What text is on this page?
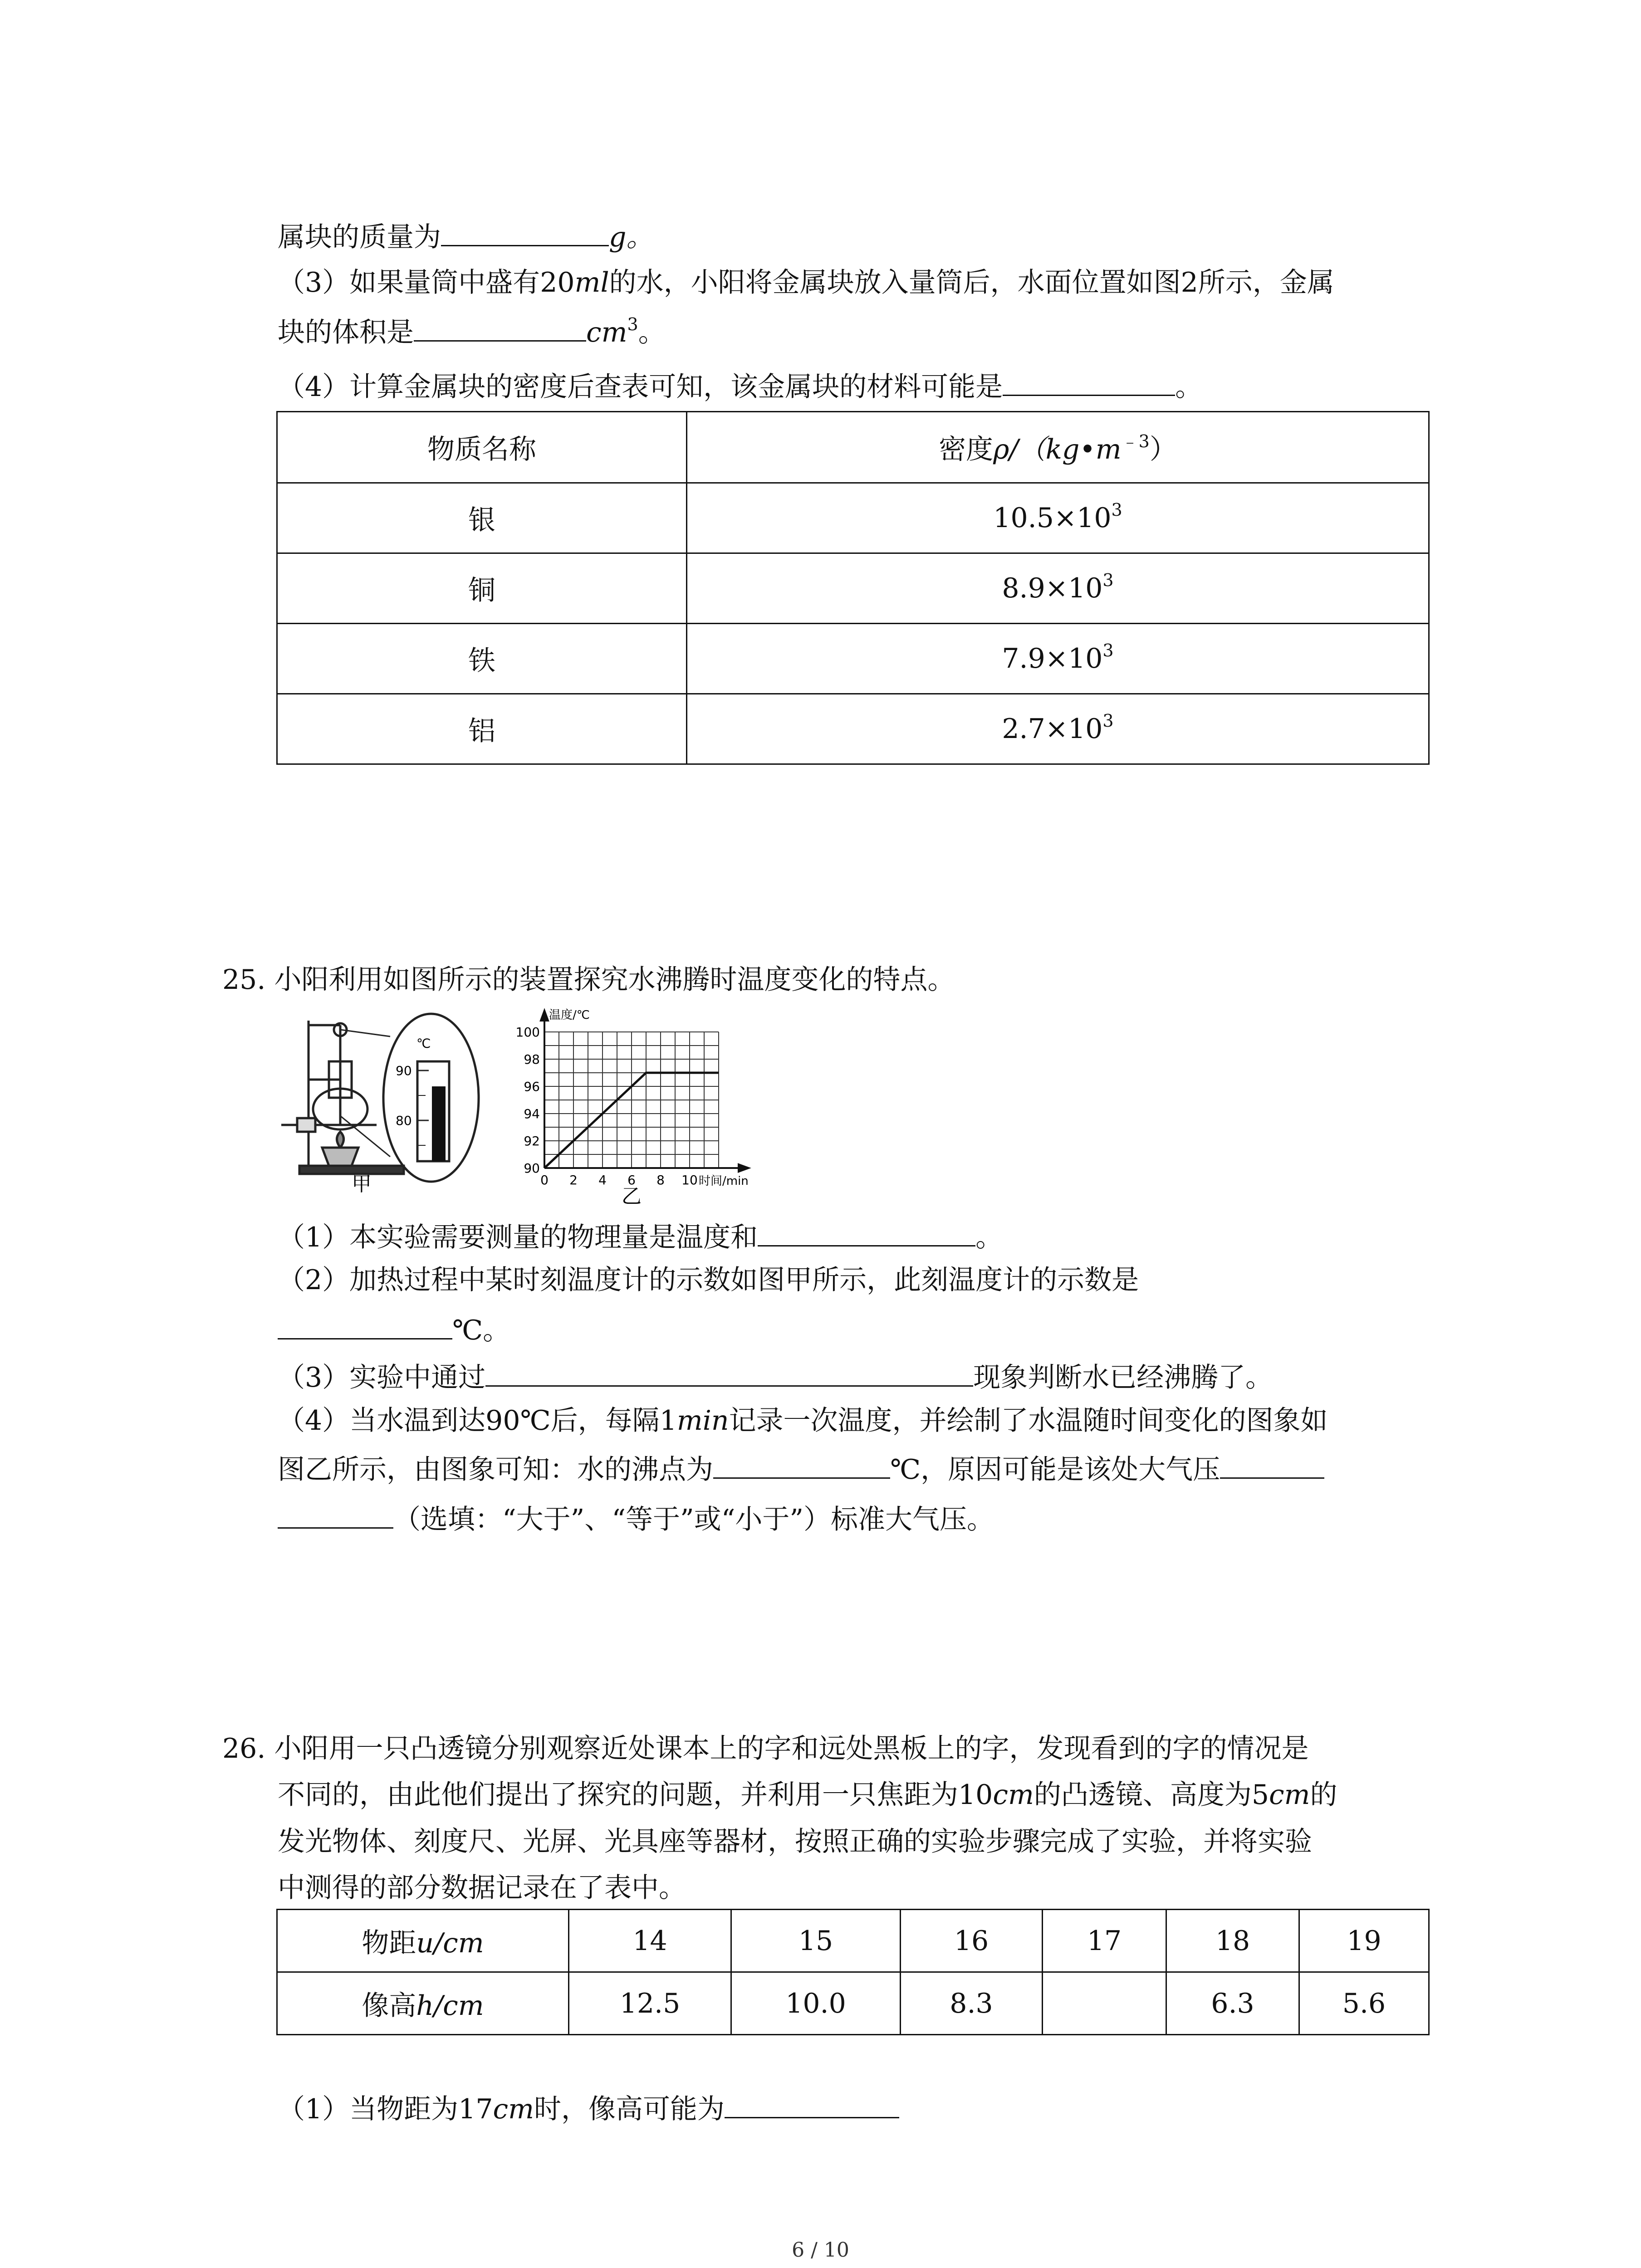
属块的质量为	g。
（3）如果量筒中盛有20ml的水，小阳将金属块放入量筒后，水面位置如图2所示，金属
块的体积是	$cm^3$。
（4）计算金属块的密度后查表可知，该金属块的材料可能是	。
物质名称	密度$\rho/(kg•m^{﹣3})$
银	$10.5\times 10^3$
铜	$8.9\times 10^3$
铁	$7.9\times 10^3$
铝	$2.7\times 10^3$
25. 小阳利用如图所示的装置探究水沸腾时温度变化的特点。
℃
90
80
甲
90
92
94
96
98
100
0 2 4 6 8 10
温度/℃
时间/min
乙
（1）本实验需要测量的物理量是温度和	。
（2）加热过程中某时刻温度计的示数如图甲所示，此刻温度计的示数是
℃。
（3）实验中通过	现象判断水已经沸腾了。
（4）当水温到达90℃后，每隔1min记录一次温度，并绘制了水温随时间变化的图象如
图乙所示，由图象可知：水的沸点为	℃，原因可能是该处大气压
（选填：“大于”、“等于”或“小于”）标准大气压。
26. 小阳用一只凸透镜分别观察近处课本上的字和远处黑板上的字，发现看到的字的情况是
不同的，由此他们提出了探究的问题，并利用一只焦距为10cm的凸透镜、高度为5cm的
发光物体、刻度尺、光屏、光具座等器材，按照正确的实验步骤完成了实验，并将实验
中测得的部分数据记录在了表中。
物距u/cm	14	15	16	17	18	19
像高h/cm	12.5	10.0	8.3		6.3	5.6
（1）当物距为17cm时，像高可能为
6 / 10
